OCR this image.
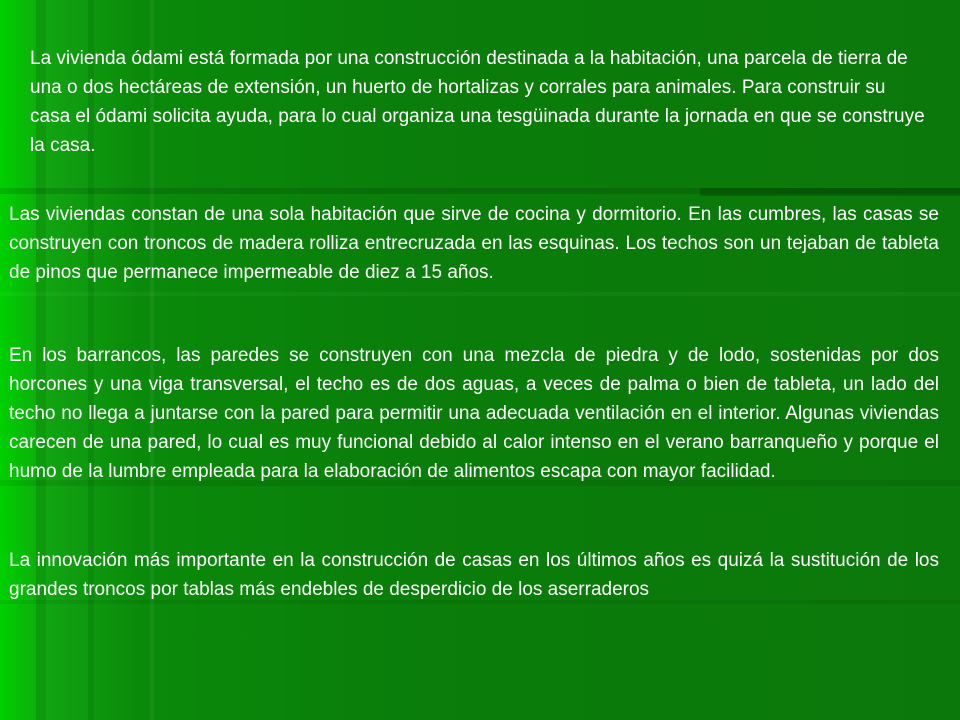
La vivienda ódami está formada por una construcción destinada a la habitación, una parcela de tierra de una o dos hectáreas de extensión, un huerto de hortalizas y corrales para animales. Para construir su casa el ódami solicita ayuda, para lo cual organiza una tesgüinada durante la jornada en que se construye la casa.

Las viviendas constan de una sola habitación que sirve de cocina y dormitorio. En las cumbres, las casas se construyen con troncos de madera rolliza entrecruzada en las esquinas. Los techos son un tejaban de tableta de pinos que permanece impermeable de diez a 15 años.

En los barrancos, las paredes se construyen con una mezcla de piedra y de lodo, sostenidas por dos horcones y una viga transversal, el techo es de dos aguas, a veces de palma o bien de tableta, un lado del techo no llega a juntarse con la pared para permitir una adecuada ventilación en el interior. Algunas viviendas carecen de una pared, lo cual es muy funcional debido al calor intenso en el verano barranqueño y porque el humo de la lumbre empleada para la elaboración de alimentos escapa con mayor facilidad.

La innovación más importante en la construcción de casas en los últimos años es quizá la sustitución de los grandes troncos por tablas más endebles de desperdicio de los aserraderos
